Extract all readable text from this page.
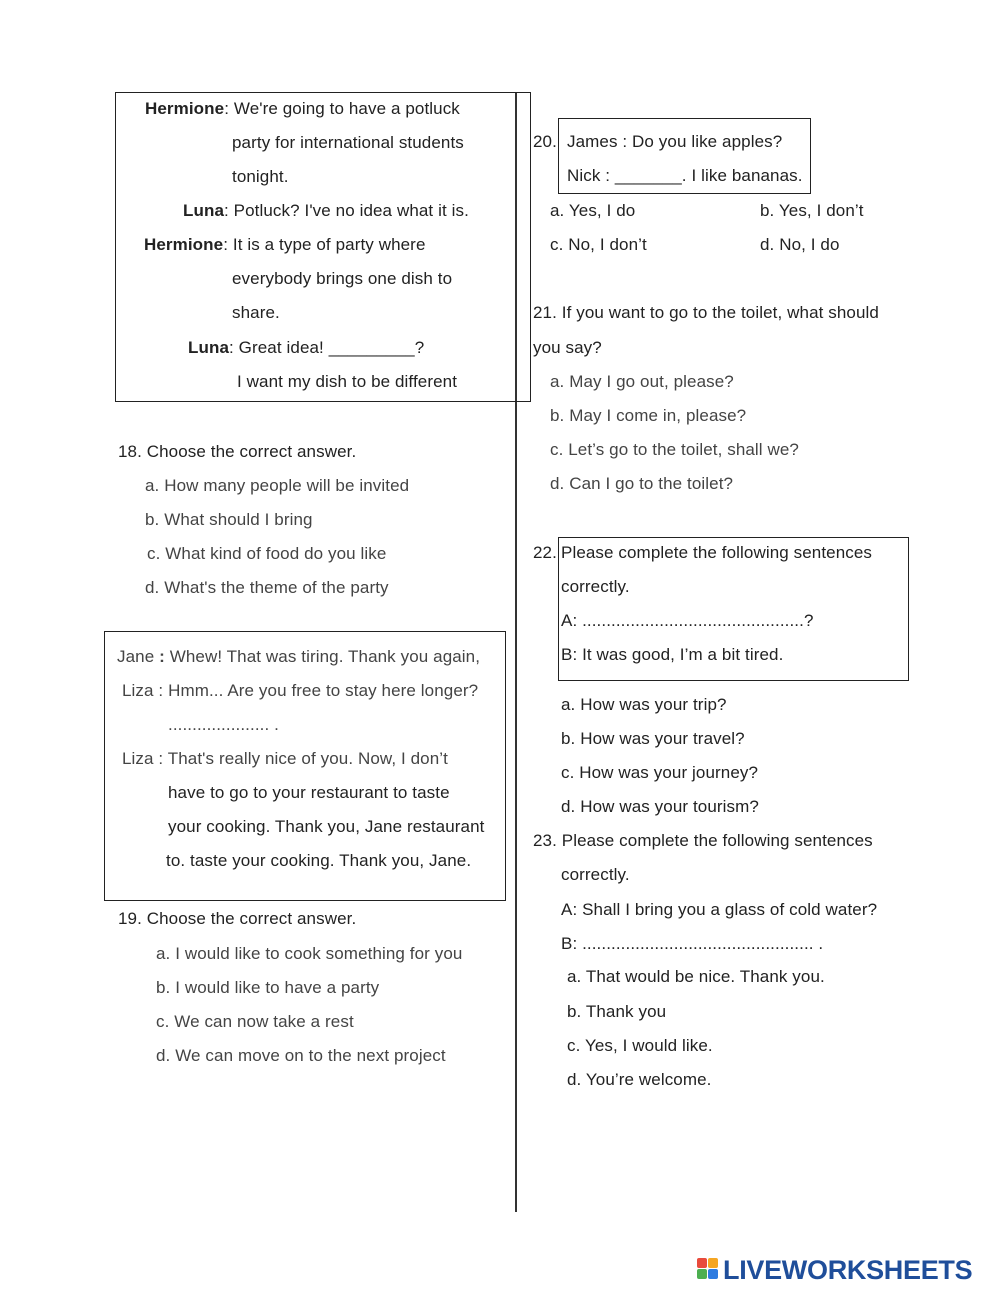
Hermione: We're going to have a potluck
party for international students
tonight.
Luna: Potluck? I've no idea what it is.
Hermione: It is a type of party where
everybody brings one dish to
share.
Luna: Great idea! _________?
I want my dish to be different
18. Choose the correct answer.
a. How many people will be invited
b. What should I bring
c. What kind of food do you like
d. What's the theme of the party
Jane : Whew! That was tiring. Thank you again,
Liza : Hmm... Are you free to stay here longer?
..................... .
Liza : That's really nice of you. Now, I don’t
have to go to your restaurant to taste
your cooking. Thank you, Jane restaurant
to. taste your cooking. Thank you, Jane.
19. Choose the correct answer.
a. I would like to cook something for you
b. I would like to have a party
c. We can now take a rest
d. We can move on to the next project
20. James : Do you like apples?
Nick : _______. I like bananas.
a. Yes, I do	b. Yes, I don’t
c. No, I don’t	d. No, I do
21. If you want to go to the toilet, what should
you say?
a. May I go out, please?
b. May I come in, please?
c. Let’s go to the toilet, shall we?
d. Can I go to the toilet?
22. Please complete the following sentences
correctly.
A: ..............................................?
B: It was good, I’m a bit tired.
a. How was your trip?
b. How was your travel?
c. How was your journey?
d. How was your tourism?
23. Please complete the following sentences
correctly.
A: Shall I bring you a glass of cold water?
B: ................................................ .
a. That would be nice. Thank you.
b. Thank you
c. Yes, I would like.
d. You’re welcome.
LIVEWORKSHEETS
